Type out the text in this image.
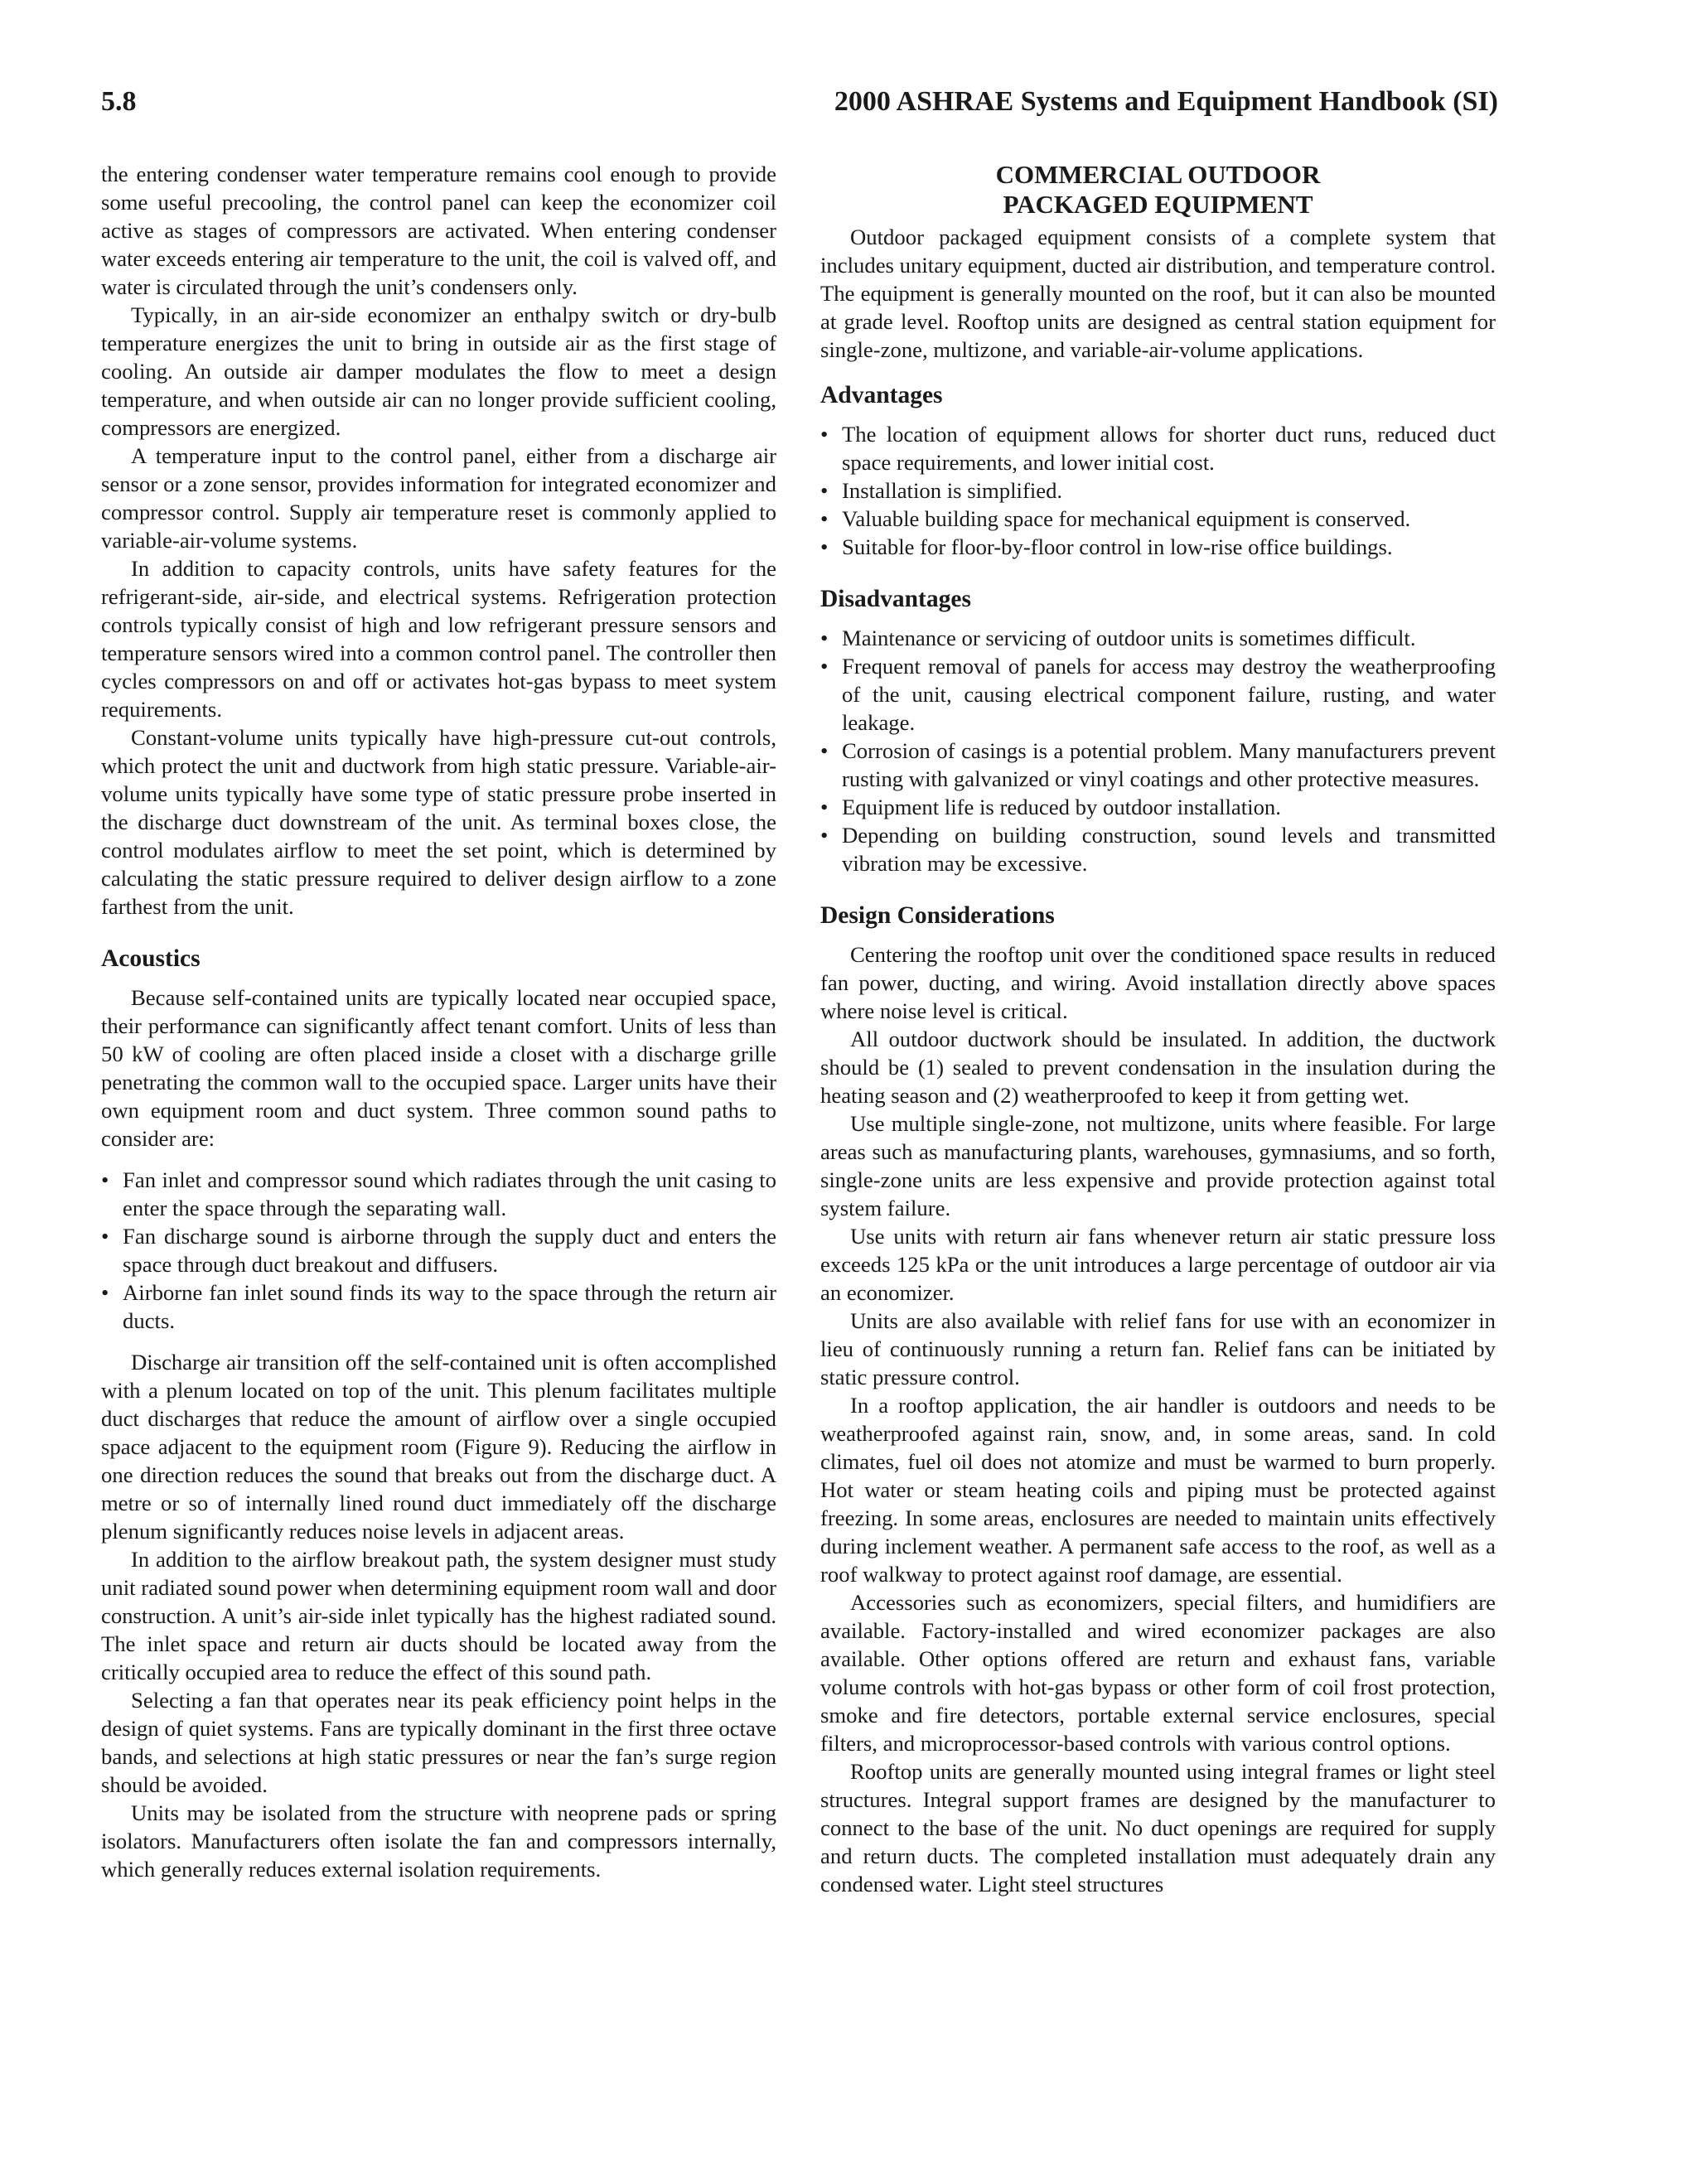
5.8	2000 ASHRAE Systems and Equipment Handbook (SI)

the entering condenser water temperature remains cool enough to provide some useful precooling, the control panel can keep the economizer coil active as stages of compressors are activated. When entering condenser water exceeds entering air temperature to the unit, the coil is valved off, and water is circulated through the unit’s condensers only.

Typically, in an air-side economizer an enthalpy switch or dry-bulb temperature energizes the unit to bring in outside air as the first stage of cooling. An outside air damper modulates the flow to meet a design temperature, and when outside air can no longer provide sufficient cooling, compressors are energized.

A temperature input to the control panel, either from a discharge air sensor or a zone sensor, provides information for integrated economizer and compressor control. Supply air temperature reset is commonly applied to variable-air-volume systems.

In addition to capacity controls, units have safety features for the refrigerant-side, air-side, and electrical systems. Refrigeration protection controls typically consist of high and low refrigerant pressure sensors and temperature sensors wired into a common control panel. The controller then cycles compressors on and off or activates hot-gas bypass to meet system requirements.

Constant-volume units typically have high-pressure cut-out controls, which protect the unit and ductwork from high static pressure. Variable-air-volume units typically have some type of static pressure probe inserted in the discharge duct downstream of the unit. As terminal boxes close, the control modulates airflow to meet the set point, which is determined by calculating the static pressure required to deliver design airflow to a zone farthest from the unit.

Acoustics

Because self-contained units are typically located near occupied space, their performance can significantly affect tenant comfort. Units of less than 50 kW of cooling are often placed inside a closet with a discharge grille penetrating the common wall to the occupied space. Larger units have their own equipment room and duct system. Three common sound paths to consider are:

• Fan inlet and compressor sound which radiates through the unit casing to enter the space through the separating wall.
• Fan discharge sound is airborne through the supply duct and enters the space through duct breakout and diffusers.
• Airborne fan inlet sound finds its way to the space through the return air ducts.

Discharge air transition off the self-contained unit is often accomplished with a plenum located on top of the unit. This plenum facilitates multiple duct discharges that reduce the amount of airflow over a single occupied space adjacent to the equipment room (Figure 9). Reducing the airflow in one direction reduces the sound that breaks out from the discharge duct. A metre or so of internally lined round duct immediately off the discharge plenum significantly reduces noise levels in adjacent areas.

In addition to the airflow breakout path, the system designer must study unit radiated sound power when determining equipment room wall and door construction. A unit’s air-side inlet typically has the highest radiated sound. The inlet space and return air ducts should be located away from the critically occupied area to reduce the effect of this sound path.

Selecting a fan that operates near its peak efficiency point helps in the design of quiet systems. Fans are typically dominant in the first three octave bands, and selections at high static pressures or near the fan’s surge region should be avoided.

Units may be isolated from the structure with neoprene pads or spring isolators. Manufacturers often isolate the fan and compressors internally, which generally reduces external isolation requirements.

COMMERCIAL OUTDOOR
PACKAGED EQUIPMENT

Outdoor packaged equipment consists of a complete system that includes unitary equipment, ducted air distribution, and temperature control. The equipment is generally mounted on the roof, but it can also be mounted at grade level. Rooftop units are designed as central station equipment for single-zone, multizone, and variable-air-volume applications.

Advantages
• The location of equipment allows for shorter duct runs, reduced duct space requirements, and lower initial cost.
• Installation is simplified.
• Valuable building space for mechanical equipment is conserved.
• Suitable for floor-by-floor control in low-rise office buildings.
Disadvantages
• Maintenance or servicing of outdoor units is sometimes difficult.
• Frequent removal of panels for access may destroy the weatherproofing of the unit, causing electrical component failure, rusting, and water leakage.
• Corrosion of casings is a potential problem. Many manufacturers prevent rusting with galvanized or vinyl coatings and other protective measures.
• Equipment life is reduced by outdoor installation.
• Depending on building construction, sound levels and transmitted vibration may be excessive.
Design Considerations

Centering the rooftop unit over the conditioned space results in reduced fan power, ducting, and wiring. Avoid installation directly above spaces where noise level is critical.

All outdoor ductwork should be insulated. In addition, the ductwork should be (1) sealed to prevent condensation in the insulation during the heating season and (2) weatherproofed to keep it from getting wet.

Use multiple single-zone, not multizone, units where feasible. For large areas such as manufacturing plants, warehouses, gymnasiums, and so forth, single-zone units are less expensive and provide protection against total system failure.

Use units with return air fans whenever return air static pressure loss exceeds 125 kPa or the unit introduces a large percentage of outdoor air via an economizer.

Units are also available with relief fans for use with an economizer in lieu of continuously running a return fan. Relief fans can be initiated by static pressure control.

In a rooftop application, the air handler is outdoors and needs to be weatherproofed against rain, snow, and, in some areas, sand. In cold climates, fuel oil does not atomize and must be warmed to burn properly. Hot water or steam heating coils and piping must be protected against freezing. In some areas, enclosures are needed to maintain units effectively during inclement weather. A permanent safe access to the roof, as well as a roof walkway to protect against roof damage, are essential.

Accessories such as economizers, special filters, and humidifiers are available. Factory-installed and wired economizer packages are also available. Other options offered are return and exhaust fans, variable volume controls with hot-gas bypass or other form of coil frost protection, smoke and fire detectors, portable external service enclosures, special filters, and microprocessor-based controls with various control options.

Rooftop units are generally mounted using integral frames or light steel structures. Integral support frames are designed by the manufacturer to connect to the base of the unit. No duct openings are required for supply and return ducts. The completed installation must adequately drain any condensed water. Light steel structures
